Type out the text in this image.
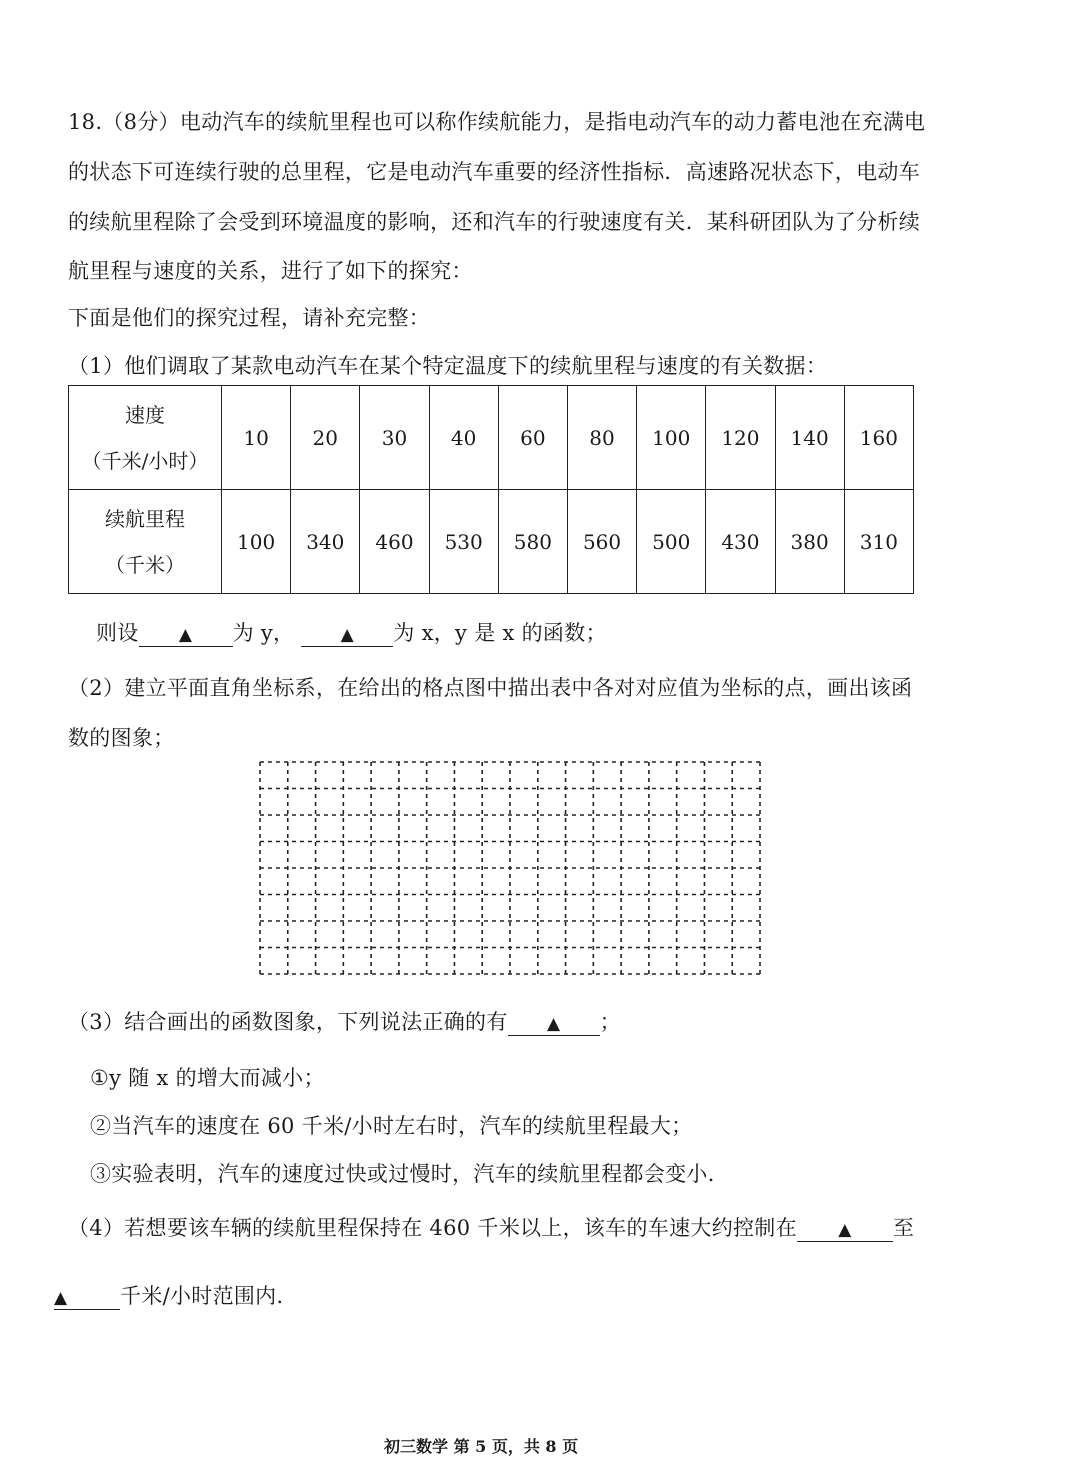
18.（8分）电动汽车的续航里程也可以称作续航能力，是指电动汽车的动力蓄电池在充满电
的状态下可连续行驶的总里程，它是电动汽车重要的经济性指标．高速路况状态下，电动车
的续航里程除了会受到环境温度的影响，还和汽车的行驶速度有关．某科研团队为了分析续
航里程与速度的关系，进行了如下的探究：
下面是他们的探究过程，请补充完整：
（1）他们调取了某款电动汽车在某个特定温度下的续航里程与速度的有关数据：
速度
（千米/小时）	10	20	30	40	60	80	100	120	140	160

续航里程
（千米）	100	340	460	530	580	560	500	430	380	310
则设 ▲ 为 y，	▲ 为 x，y 是 x 的函数；
（2）建立平面直角坐标系，在给出的格点图中描出表中各对对应值为坐标的点，画出该函
数的图象；
（3）结合画出的函数图象，下列说法正确的有 ▲ ；
①y 随 x 的增大而减小；
②当汽车的速度在 60 千米/小时左右时，汽车的续航里程最大；
③实验表明，汽车的速度过快或过慢时，汽车的续航里程都会变小．
（4）若想要该车辆的续航里程保持在 460 千米以上，该车的车速大约控制在 ▲ 至
▲	千米/小时范围内．
初三数学 第 5 页，共 8 页
